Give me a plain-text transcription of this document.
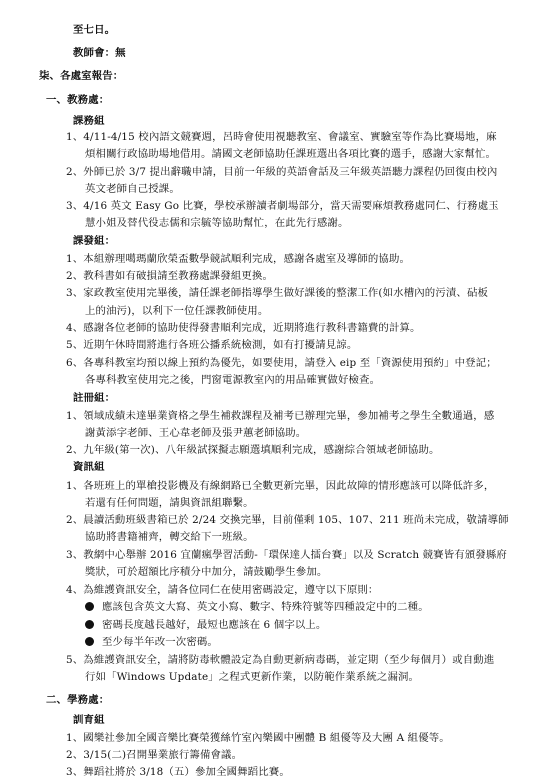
至七日。
教師會：無
柒、各處室報告：
一、教務處：
課務組
1、4/11-4/15 校內語文競賽週，呂時會使用視聽教室、會議室、實驗室等作為比賽場地，麻
煩相關行政協助場地借用。請國文老師協助任課班選出各項比賽的選手，感謝大家幫忙。
2、外師已於 3/7 提出辭職申請，目前一年級的英語會話及三年級英語聽力課程仍回復由校內
英文老師自己授課。
3、4/16 英文 Easy Go 比賽，學校承辦讀者劇場部分，當天需要麻煩教務處同仁、行務處玉
慧小姐及替代役志儒和宗毓等協助幫忙，在此先行感謝。
課發組：
1、本組辦理噶瑪蘭欣榮盃數學競試順利完成，感謝各處室及導師的協助。
2、教科書如有破損請至教務處課發組更換。
3、家政教室使用完畢後，請任課老師指導學生做好課後的整潔工作(如水槽內的污漬、砧板
上的油污)，以利下一位任課教師使用。
4、感謝各位老師的協助使得發書順利完成，近期將進行教科書籍費的計算。
5、近期午休時間將進行各班公播系統檢測，如有打擾請見諒。
6、各專科教室均預以線上預約為優先，如要使用，請登入 eip 至「資源使用預約」中登記；
各專科教室使用完之後，門窗電源教室內的用品確實做好檢查。
註冊組：
1、領域成績未達畢業資格之學生補救課程及補考已辦理完畢，參加補考之學生全數通過，感
謝黃添字老師、王心韋老師及張尹蕙老師協助。
2、九年級(第一次)、八年級試探擬志願選填順利完成，感謝綜合領域老師協助。
資訊組
1、各班班上的單槍投影機及有線網路已全數更新完畢，因此故障的情形應該可以降低許多，
若還有任何問題，請與資訊組聯繫。
2、晨讀活動班級書箱已於 2/24 交換完畢，目前僅剩 105、107、211 班尚未完成，敬請導師
協助將書籍補齊，轉交給下一班級。
3、教網中心舉辦 2016 宜蘭瘋學習活動-「環保達人擂台賽」以及 Scratch 競賽皆有頒發縣府
獎狀，可於超額比序積分中加分，請鼓勵學生參加。
4、為維護資訊安全，請各位同仁在使用密碼設定，遵守以下原則：
應該包含英文大寫、英文小寫、數字、特殊符號等四種設定中的二種。
密碼長度越長越好，最短也應該在 6 個字以上。
至少每半年改一次密碼。
5、為維護資訊安全，請將防毒軟體設定為自動更新病毒碼，並定期（至少每個月）或自動進
行如「Windows Update」之程式更新作業，以防範作業系統之漏洞。
二、學務處：
訓育組
1、國樂社參加全國音樂比賽榮獲絲竹室內樂國中團體 B 組優等及大團 A 組優等。
2、3/15(二)召開畢業旅行籌備會議。
3、舞蹈社將於 3/18（五）參加全國舞蹈比賽。
